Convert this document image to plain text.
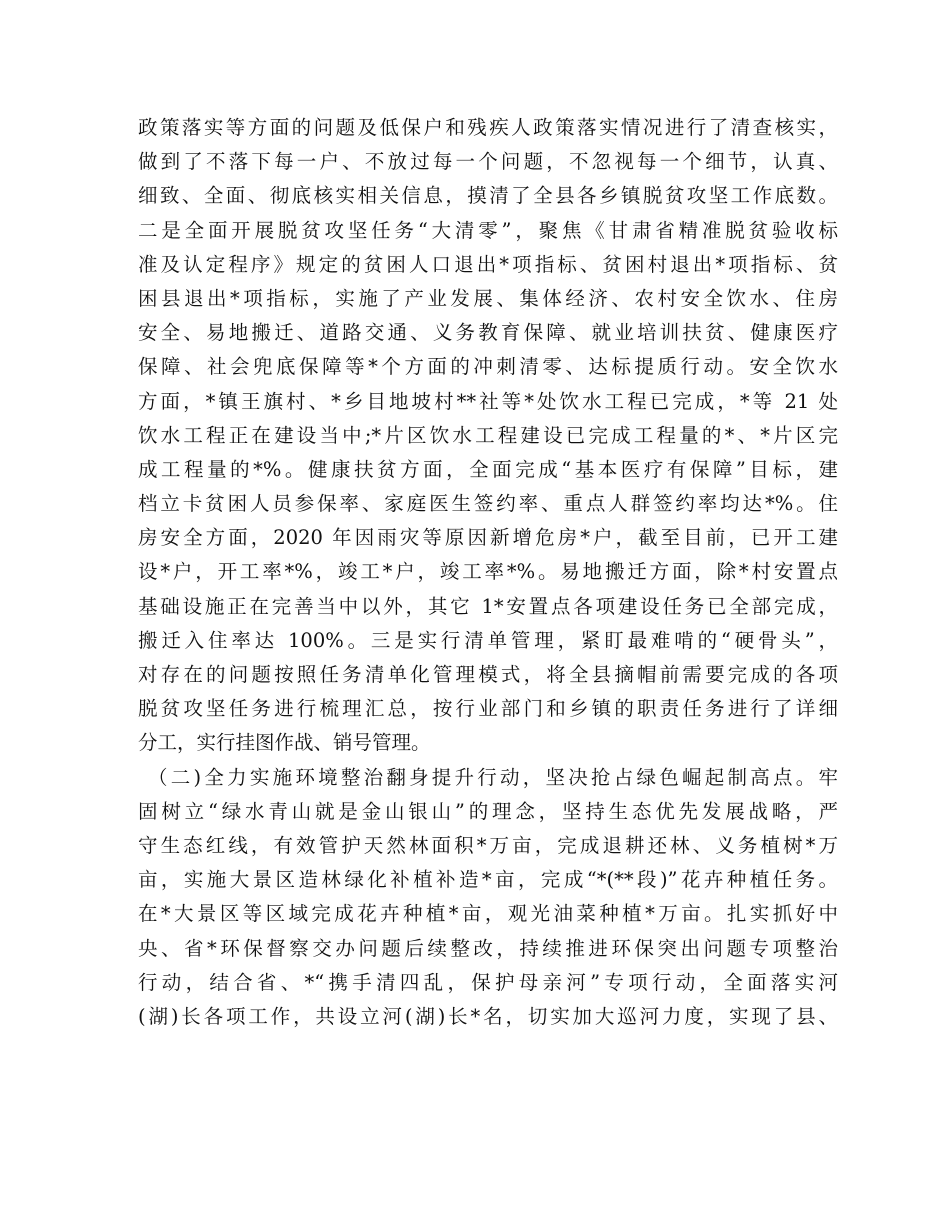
政策落实等方面的问题及低保户和残疾人政策落实情况进行了清查核实，
做到了不落下每一户、不放过每一个问题，不忽视每一个细节，认真、
细致、全面、彻底核实相关信息，摸清了全县各乡镇脱贫攻坚工作底数。
二是全面开展脱贫攻坚任务“大清零”，聚焦《甘肃省精准脱贫验收标
准及认定程序》规定的贫困人口退出*项指标、贫困村退出*项指标、贫
困县退出*项指标，实施了产业发展、集体经济、农村安全饮水、住房
安全、易地搬迁、道路交通、义务教育保障、就业培训扶贫、健康医疗
保障、社会兜底保障等*个方面的冲刺清零、达标提质行动。安全饮水
方面，*镇王旗村、*乡目地坡村**社等*处饮水工程已完成，*等 21 处
饮水工程正在建设当中;*片区饮水工程建设已完成工程量的*、*片区完
成工程量的*%。健康扶贫方面，全面完成“基本医疗有保障”目标，建
档立卡贫困人员参保率、家庭医生签约率、重点人群签约率均达*%。住
房安全方面，2020 年因雨灾等原因新增危房*户，截至目前，已开工建
设*户，开工率*%，竣工*户，竣工率*%。易地搬迁方面，除*村安置点
基础设施正在完善当中以外，其它 1*安置点各项建设任务已全部完成，
搬迁入住率达 100%。三是实行清单管理，紧盯最难啃的“硬骨头”，
对存在的问题按照任务清单化管理模式，将全县摘帽前需要完成的各项
脱贫攻坚任务进行梳理汇总，按行业部门和乡镇的职责任务进行了详细
分工，实行挂图作战、销号管理。
（二)全力实施环境整治翻身提升行动，坚决抢占绿色崛起制高点。牢
固树立“绿水青山就是金山银山”的理念，坚持生态优先发展战略，严
守生态红线，有效管护天然林面积*万亩，完成退耕还林、义务植树*万
亩，实施大景区造林绿化补植补造*亩，完成“*(**段)”花卉种植任务。
在*大景区等区域完成花卉种植*亩，观光油菜种植*万亩。扎实抓好中
央、省*环保督察交办问题后续整改，持续推进环保突出问题专项整治
行动，结合省、*“携手清四乱，保护母亲河”专项行动，全面落实河
(湖)长各项工作，共设立河(湖)长*名，切实加大巡河力度，实现了县、
